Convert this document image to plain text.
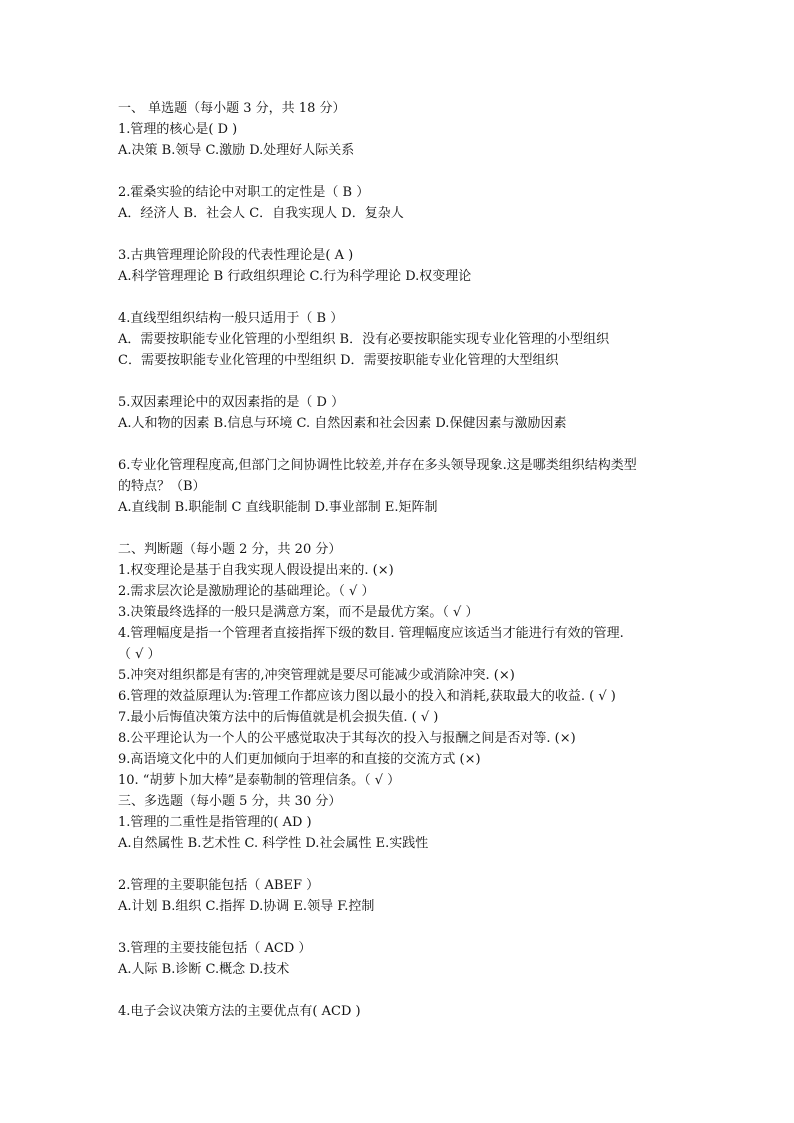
一、 单选题（每小题 3 分，共 18 分）
1.管理的核心是( D )
A.决策 B.领导 C.激励 D.处理好人际关系
2.霍桑实验的结论中对职工的定性是（ B ）
A．经济人 B．社会人 C．自我实现人 D．复杂人
3.古典管理理论阶段的代表性理论是( A )
A.科学管理理论 B 行政组织理论 C.行为科学理论 D.权变理论
4.直线型组织结构一般只适用于（ B ）
A．需要按职能专业化管理的小型组织 B．没有必要按职能实现专业化管理的小型组织
C．需要按职能专业化管理的中型组织 D．需要按职能专业化管理的大型组织
5.双因素理论中的双因素指的是（ D ）
A.人和物的因素 B.信息与环境 C. 自然因素和社会因素 D.保健因素与激励因素
6.专业化管理程度高,但部门之间协调性比较差,并存在多头领导现象.这是哪类组织结构类型
的特点？（B）
A.直线制 B.职能制 C 直线职能制 D.事业部制 E.矩阵制
二、判断题（每小题 2 分，共 20 分）
1.权变理论是基于自我实现人假设提出来的. (×)
2.需求层次论是激励理论的基础理论。（ √ ）
3.决策最终选择的一般只是满意方案，而不是最优方案。（ √ ）
4.管理幅度是指一个管理者直接指挥下级的数目. 管理幅度应该适当才能进行有效的管理.
（ √ ）
5.冲突对组织都是有害的,冲突管理就是要尽可能减少或消除冲突. (×)
6.管理的效益原理认为:管理工作都应该力图以最小的投入和消耗,获取最大的收益. ( √ )
7.最小后悔值决策方法中的后悔值就是机会损失值. ( √ )
8.公平理论认为一个人的公平感觉取决于其每次的投入与报酬之间是否对等. (×)
9.高语境文化中的人们更加倾向于坦率的和直接的交流方式 (×)
10. “胡萝卜加大棒”是泰勒制的管理信条。（ √ ）
三、多选题（每小题 5 分，共 30 分）
1.管理的二重性是指管理的( AD )
A.自然属性 B.艺术性 C. 科学性 D.社会属性 E.实践性
2.管理的主要职能包括（ ABEF ）
A.计划 B.组织 C.指挥 D.协调 E.领导 F.控制
3.管理的主要技能包括（ ACD ）
A.人际 B.诊断 C.概念 D.技术
4.电子会议决策方法的主要优点有( ACD )
